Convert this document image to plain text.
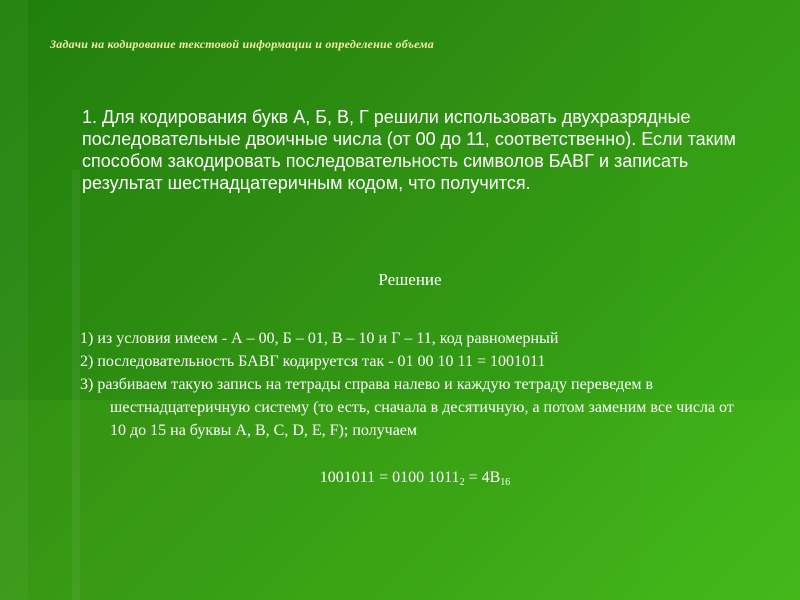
Задачи на кодирование текстовой информации и определение объема
1. Для кодирования букв А, Б, В, Г решили использовать двухразрядные последовательные двоичные числа (от 00 до 11, соответственно). Если таким способом закодировать последовательность символов БАВГ и записать результат шестнадцатеричным кодом, что получится.
Решение

1) из условия имеем - А – 00, Б – 01, В – 10 и Г – 11, код равномерный

2) последовательность БАВГ кодируется так - 01 00 10 11 = 1001011

3) разбиваем такую запись на тетрады справа налево и каждую тетраду переведем в шестнадцатеричную систему (то есть, сначала в десятичную, а потом заменим все числа от 10 до 15 на буквы A, B, C, D, E, F); получаем

1001011 = 0100 $1011_2 = 4B_{16}$
